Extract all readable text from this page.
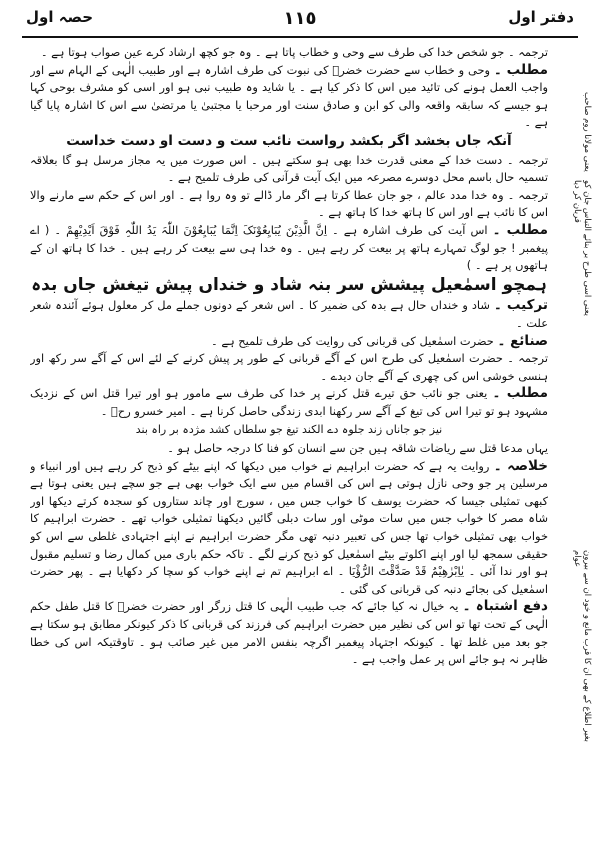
دفتر اول
١١٥
حصہ اول
یعنی مولانا روم صاحب
یعنی اسی طرح بر بنائے التباس جان کو قربان کر دیا
بغیر اطلاع کے بھی ان کا قرب مانع و خود ان سے بیرون عوام

ترجمہ ۔ جو شخص خدا کی طرف سے وحی و خطاب پاتا ہے ۔ وہ جو کچھ ارشاد کرے عین صواب ہوتا ہے ۔

مطلب ۔ وحی و خطاب سے حضرت خضرؑ کی نبوت کی طرف اشارہ ہے اور طبیب الٰہی کے الہام سے اور واجب العمل ہونے کی تائید میں اس کا ذکر کیا ہے ۔ یا شاید وہ طبیب نبی ہو اور اسی کو مشرف بوحی کہا ہو جیسے کہ سابقہ واقعہ والی کو ابن و صادق سنت اور مرحبا یا مجتبیٰ یا مرتضیٰ سے اس کا اشارہ پایا گیا ہے ۔

آنکہ جاں بخشد اگر بکشد رواست نائب ست و دست او دست خداست

ترجمہ ۔ دست خدا کے معنی قدرت خدا بھی ہو سکتے ہیں ۔ اس صورت میں یہ مجاز مرسل ہو گا بعلاقہ تسمیہ حال باسم محل دوسرے مصرعہ میں ایک آیت قرآنی کی طرف تلمیح ہے ۔

ترجمہ ۔ وہ خدا مدد عالم ، جو جان عطا کرتا ہے اگر مار ڈالے تو وہ روا ہے ۔ اور اس کے حکم سے مارنے والا اس کا نائب ہے اور اس کا ہاتھ خدا کا ہاتھ ہے ۔

مطلب ۔ اس آیت کی طرف اشارہ ہے ۔ اِنَّ الَّذِیْنَ یُبَایِعُوْنَکَ اِنَّمَا یُبَایِعُوْنَ اللّٰہَ یَدُ اللّٰہِ فَوْقَ اَیْدِیْھِمْ ۔ ( اے پیغمبر ! جو لوگ تمہارے ہاتھ پر بیعت کر رہے ہیں ۔ وہ خدا ہی سے بیعت کر رہے ہیں ۔ خدا کا ہاتھ ان کے ہاتھوں پر ہے ۔ )

ہمچو اسمٰعیل پیشش سر بنہ شاد و خنداں پیش تیغش جاں بدہ

ترکیب ۔ شاد و خنداں حال ہے بدہ کی ضمیر کا ۔ اس شعر کے دونوں جملے مل کر معلول ہوئے آئندہ شعر علت ۔

صنائع ۔ حضرت اسمٰعیل کی قربانی کی روایت کی طرف تلمیح ہے ۔

ترجمہ ۔ حضرت اسمٰعیل کی طرح اس کے آگے قربانی کے طور پر پیش کرنے کے لئے اس کے آگے سر رکھ اور ہنسی خوشی اس کی چھری کے آگے جان دیدے ۔

مطلب ۔ یعنی جو نائب حق تیرے قتل کرنے پر خدا کی طرف سے مامور ہو اور تیرا قتل اس کے نزدیک مشہود ہو تو تیرا اس کی تیغ کے آگے سر رکھنا ابدی زندگی حاصل کرنا ہے ۔ امیر خسرو رحؒ ۔

نیز جو جاناں زند جلوہ دے الکند تیغ جو سلطاں کشد مژدہ بر راہ بند

یہاں مدعا قتل سے ریاضات شاقہ ہیں جن سے انسان کو فنا کا درجہ حاصل ہو ۔

خلاصہ ۔ روایت یہ ہے کہ حضرت ابراہیم نے خواب میں دیکھا کہ اپنے بیٹے کو ذبح کر رہے ہیں اور انبیاء و مرسلین پر جو وحی نازل ہوتی ہے اس کی اقسام میں سے ایک خواب بھی ہے جو سچے ہیں یعنی ہوتا ہے کبھی تمثیلی جیسا کہ حضرت یوسف کا خواب جس میں ، سورج اور چاند ستاروں کو سجدہ کرتے دیکھا اور شاہ مصر کا خواب جس میں سات موٹی اور سات دبلی گائیں دیکھنا تمثیلی خواب تھے ۔ حضرت ابراہیم کا خواب بھی تمثیلی خواب تھا جس کی تعبیر دنبہ تھی مگر حضرت ابراہیم نے اپنے اجتہادی غلطی سے اس کو حقیقی سمجھ لیا اور اپنے اکلوتے بیٹے اسمٰعیل کو ذبح کرنے لگے ۔ تاکہ حکم باری میں کمال رضا و تسلیم مقبول ہو اور ندا آئی ۔ یٰاِبْرٰھِیْمُ قَدْ صَدَّقْتَ الرُّؤْیَا ۔ اے ابراہیم تم نے اپنے خواب کو سچا کر دکھایا ہے ۔ پھر حضرت اسمٰعیل کی بجائے دنبہ کی قربانی کی گئی ۔

دفع اشتباہ ۔ یہ خیال نہ کیا جائے کہ جب طبیب الٰہی کا قتل زرگر اور حضرت خضرؑ کا قتل طفل حکم الٰہی کے تحت تھا تو اس کی نظیر میں حضرت ابراہیم کی فرزند کی قربانی کا ذکر کیونکر مطابق ہو سکتا ہے جو بعد میں غلط تھا ۔ کیونکہ اجتہاد پیغمبر اگرچہ بنفس الامر میں غیر صائب ہو ۔ تاوقتیکہ اس کی خطا ظاہر نہ ہو جائے اس پر عمل واجب ہے ۔
